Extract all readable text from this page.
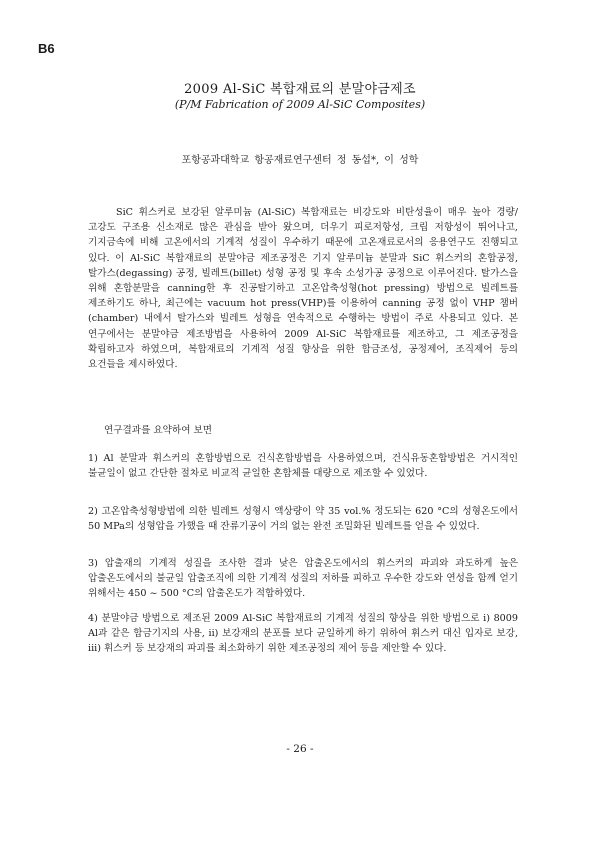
B6
2009 Al-SiC 복합재료의 분말야금제조
(P/M Fabrication of 2009 Al-SiC Composites)
포항공과대학교 항공재료연구센터 정 동섭*, 이 성학

SiC 휘스커로 보강된 알루미늄 (Al-SiC) 복합재료는 비강도와 비탄성율이 매우 높아 경량/고강도 구조용 신소재로 많은 관심을 받아 왔으며, 더우기 피로저항성, 크립 저항성이 뛰어나고, 기지금속에 비해 고온에서의 기계적 성질이 우수하기 때문에 고온재료로서의 응용연구도 진행되고 있다. 이 Al-SiC 복합재료의 분말야금 제조공정은 기지 알루미늄 분말과 SiC 휘스커의 혼합공정, 탈가스(degassing) 공정, 빌레트(billet) 성형 공정 및 후속 소성가공 공정으로 이루어진다. 탈가스을 위해 혼합분말을 canning한 후 진공탈기하고 고온압축성형(hot pressing) 방법으로 빌레트를 제조하기도 하나, 최근에는 vacuum hot press(VHP)를 이용하여 canning 공정 없이 VHP 챔버(chamber) 내에서 탈가스와 빌레트 성형을 연속적으로 수행하는 방법이 주로 사용되고 있다. 본 연구에서는 분말야금 제조방법을 사용하여 2009 Al-SiC 복합재료를 제조하고, 그 제조공정을 확립하고자 하였으며, 복합재료의 기계적 성질 향상을 위한 합금조성, 공정제어, 조직제어 등의 요건들을 제시하였다.

연구결과를 요약하여 보면

1) Al 분말과 휘스커의 혼합방법으로 건식혼합방법을 사용하였으며, 건식유동혼합방법은 거시적인 불균일이 없고 간단한 절차로 비교적 균일한 혼합체를 대량으로 제조할 수 있었다.

2) 고온압축성형방법에 의한 빌레트 성형시 액상량이 약 35 vol.% 정도되는 620 °C의 성형온도에서 50 MPa의 성형압을 가했을 때 잔류기공이 거의 없는 완전 조밀화된 빌레트를 얻을 수 있었다.

3) 압출재의 기계적 성질을 조사한 결과 낮은 압출온도에서의 휘스커의 파괴와 과도하게 높은 압출온도에서의 불균일 압출조직에 의한 기계적 성질의 저하를 피하고 우수한 강도와 연성을 함께 얻기 위해서는 450 ~ 500 °C의 압출온도가 적합하였다.

4) 분말야금 방법으로 제조된 2009 Al-SiC 복합재료의 기계적 성질의 향상을 위한 방법으로 i) 8009 Al과 같은 합금기지의 사용, ii) 보강재의 분포를 보다 균일하게 하기 위하여 휘스커 대신 입자로 보강, iii) 휘스커 등 보강재의 파괴를 최소화하기 위한 제조공정의 제어 등을 제안할 수 있다.

- 26 -
